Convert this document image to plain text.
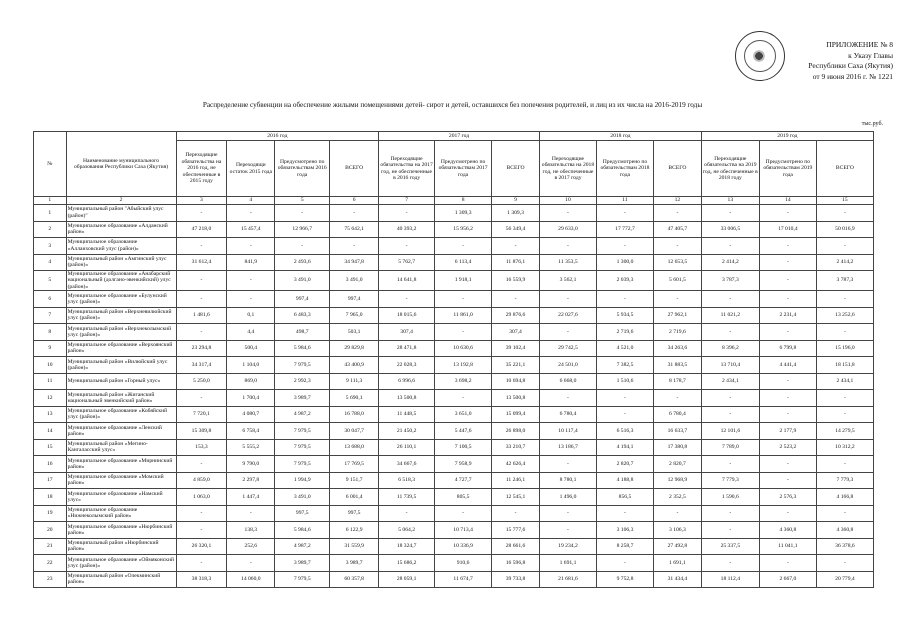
ПРИЛОЖЕНИЕ № 8
к Указу Главы
Республики Саха (Якутия)
от 9 июня 2016 г. № 1221
Распределение субвенции на обеспечение жилыми помещениями детей- сирот и детей, оставшихся без попечения родителей, и лиц из их числа на 2016-2019 годы
тыс.руб.
№	Наименование муниципального образования Республики Саха (Якутия)	2016 год				2017 год			2018 год			2019 год		
		Переходящие обязательства на 2016 год, не обеспеченные в 2015 году	Переходящи остаток 2015 года	Предусмотрено по обязательствам 2016 года	ВСЕГО	Переходящие обязательства на 2017 год, не обеспеченные в 2016 году	Предусмотрено по обязательствам 2017 года	ВСЕГО	Переходящие обязательства на 2018 год, не обеспеченные в 2017 году	Предусмотрено по обязательствам 2018 года	ВСЕГО	Переходящие обязательства на 2019 год, не обеспеченные в 2018 году	Предусмотрено по обязательствам 2019 года	ВСЕГО
1	2	3	4	5	6	7	8	9	10	11	12	13	14	15
1	Муниципальный район "Абыйский улус (район)"	-	-	-	-	-	1 309,3	1 309,3	-	-	-	-	-	-
2	Муниципальное образование «Алданский район»	47 218,0	15 457,4	12 966,7	75 642,1	40 393,2	15 956,2	56 349,4	29 633,0	17 772,7	47 405,7	33 006,5	17 010,4	50 016,9
3	Муниципальное образование «Аллаиховский улус (район)»	-	-	-	-	-	-	-	-	-	-	-	-	-
4	Муниципальный район «Амгинский улус (район)»	31 612,4	841,9	2 493,6	34 947,8	5 762,7	6 113,4	11 876,1	11 353,5	1 300,0	12 653,5	2 414,2	-	2 414,2
5	Муниципальное образование «Анабарский национальный (долгано-эвенкийский) улус (район)»	-	-	3 491,0	3 491,0	14 641,8	1 918,1	16 559,9	3 562,1	2 039,3	5 601,5	3 787,3	-	3 787,3
6	Муниципальное образование «Булунский улус (район)»	-	-	997,4	997,4	-	-	-	-	-	-	-	-	-
7	Муниципальный район «Верхневилюйский улус (район)»	1 481,6	0,1	6 483,3	7 965,0	18 015,6	11 861,0	29 876,6	22 027,6	5 934,5	27 962,1	11 021,2	2 231,4	13 252,6
8	Муниципальный район «Верхнеколымский улус (район)»	-	4,4	498,7	503,1	307,4	-	307,4	-	2 719,6	2 719,6	-	-	-
9	Муниципальное образование «Верхоянский район»	23 294,8	500,4	5 984,6	29 829,8	28 471,8	10 630,6	39 102,4	29 742,5	4 521,0	34 263,6	8 396,2	6 799,8	15 196,0
10	Муниципальный район «Вилюйский улус (район)»	34 317,4	1 104,0	7 979,5	43 400,9	22 028,3	13 192,8	35 221,1	24 501,0	7 382,5	31 883,5	13 710,4	4 441,4	18 151,8
11	Муниципальный район «Горный улус»	5 250,0	869,0	2 992,3	9 111,3	6 996,6	3 698,2	10 694,8	6 668,0	1 510,6	8 178,7	2 434,1	-	2 434,1
12	Муниципальный район «Жиганский национальный эвенкийский район»	-	1 700,4	3 989,7	5 690,1	13 500,8	-	13 500,8	-	-	-	-	-	-
13	Муниципальное образование «Кобяйский улус (район)»	7 720,1	4 080,7	4 987,2	16 788,0	11 448,5	3 651,0	15 099,4	6 780,4	-	6 780,4	-	-	-
14	Муниципальное образование «Ленский район»	15 309,8	6 758,4	7 979,5	30 047,7	21 450,2	5 447,6	26 898,0	10 117,4	6 516,3	16 633,7	12 101,6	2 177,9	14 279,5
15	Муниципальный район «Мегино-Кангаласский улус»	153,3	5 555,2	7 979,5	13 688,0	26 110,1	7 100,5	33 210,7	13 186,7	4 194,1	17 380,8	7 789,0	2 523,2	10 312,2
16	Муниципальное образование «Мирнинский район»	-	9 790,0	7 979,5	17 769,5	34 667,6	7 958,9	42 626,4	-	2 820,7	2 820,7	-	-	-
17	Муниципальное образование «Момский район»	4 859,0	2 297,8	1 994,9	9 151,7	6 518,3	4 727,7	11 246,1	8 780,1	4 188,8	12 968,9	7 779,3	-	7 779,3
18	Муниципальное образование «Намский улус»	1 063,0	1 447,4	3 491,0	6 001,4	11 739,5	805,5	12 545,1	1 496,0	856,5	2 352,5	1 590,6	2 576,3	4 166,8
19	Муниципальное образование «Нижнеколымский район»	-	-	997,5	997,5	-	-	-	-	-	-	-	-	-
20	Муниципальное образование «Нюрбинский район»	-	138,3	5 984,6	6 122,9	5 064,2	10 713,4	15 777,6	-	3 106,3	3 106,3	-	4 360,8	4 360,8
21	Муниципальный район «Нюрбинский район»	26 320,1	252,6	4 987,2	31 559,9	18 324,7	10 336,9	28 661,6	19 234,2	8 258,7	27 492,8	25 337,5	11 041,1	36 378,6
22	Муниципальное образование «Оймяконский улус (район)»	-	-	3 989,7	3 989,7	15 686,2	910,6	16 596,8	1 691,1	-	1 691,1	-	-	-
23	Муниципальный район «Олекминский район»	38 318,3	14 060,0	7 979,5	60 357,8	28 059,1	11 674,7	39 733,8	21 681,6	9 752,8	31 434,4	18 112,4	2 667,0	20 779,4
